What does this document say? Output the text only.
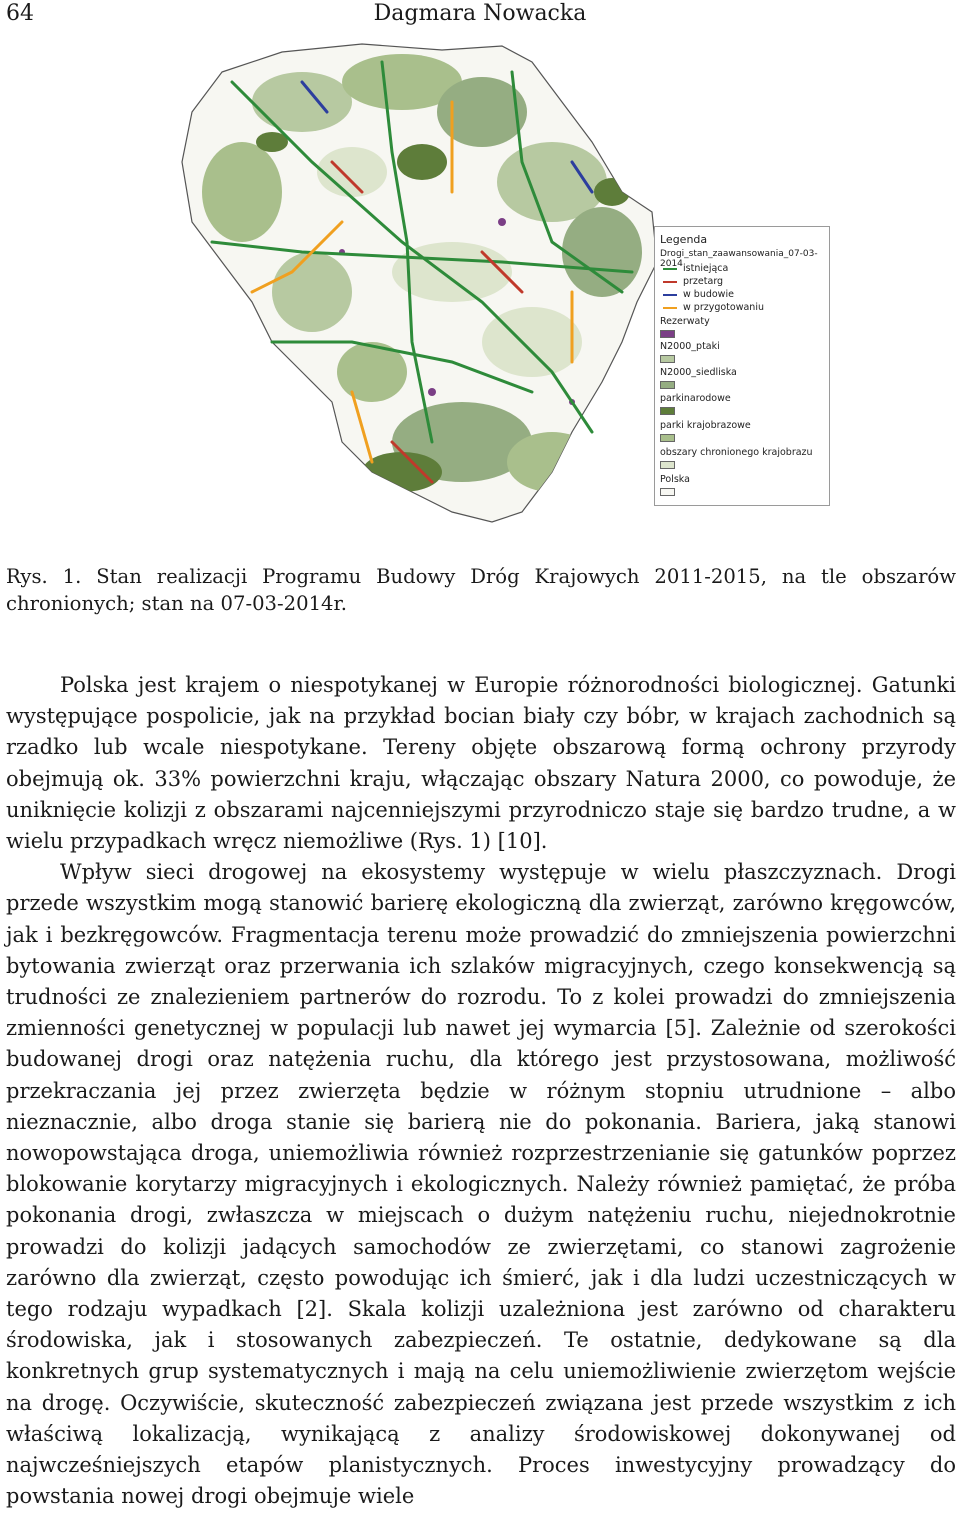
64	Dagmara Nowacka
Legenda
Drogi_stan_zaawansowania_07-03-2014 istniejąca
przetarg
w budowie
w przygotowaniu
Rezerwaty
N2000_ptaki
N2000_siedliska
parkinarodowe
parki krajobrazowe
obszary chronionego krajobrazu
Polska
Rys. 1. Stan realizacji Programu Budowy Dróg Krajowych 2011-2015, na tle obszarów chronionych; stan na 07-03-2014r.

Polska jest krajem o niespotykanej w Europie różnorodności biologicznej. Gatunki występujące pospolicie, jak na przykład bocian biały czy bóbr, w krajach zachodnich są rzadko lub wcale niespotykane. Tereny objęte obszarową formą ochrony przyrody obejmują ok. 33% powierzchni kraju, włączając obszary Natura 2000, co powoduje, że uniknięcie kolizji z obszarami najcenniejszymi przyrodniczo staje się bardzo trudne, a w wielu przypadkach wręcz niemożliwe (Rys. 1) [10].

Wpływ sieci drogowej na ekosystemy występuje w wielu płaszczyznach. Drogi przede wszystkim mogą stanowić barierę ekologiczną dla zwierząt, zarówno kręgowców, jak i bezkręgowców. Fragmentacja terenu może prowadzić do zmniejszenia powierzchni bytowania zwierząt oraz przerwania ich szlaków migracyjnych, czego konsekwencją są trudności ze znalezieniem partnerów do rozrodu. To z kolei prowadzi do zmniejszenia zmienności genetycznej w populacji lub nawet jej wymarcia [5]. Zależnie od szerokości budowanej drogi oraz natężenia ruchu, dla którego jest przystosowana, możliwość przekraczania jej przez zwierzęta będzie w różnym stopniu utrudnione – albo nieznacznie, albo droga stanie się barierą nie do pokonania. Bariera, jaką stanowi nowopowstająca droga, uniemożliwia również rozprzestrzenianie się gatunków poprzez blokowanie korytarzy migracyjnych i ekologicznych. Należy również pamiętać, że próba pokonania drogi, zwłaszcza w miejscach o dużym natężeniu ruchu, niejednokrotnie prowadzi do kolizji jadących samochodów ze zwierzętami, co stanowi zagrożenie zarówno dla zwierząt, często powodując ich śmierć, jak i dla ludzi uczestniczących w tego rodzaju wypadkach [2]. Skala kolizji uzależniona jest zarówno od charakteru środowiska, jak i stosowanych zabezpieczeń. Te ostatnie, dedykowane są dla konkretnych grup systematycznych i mają na celu uniemożliwienie zwierzętom wejście na drogę. Oczywiście, skuteczność zabezpieczeń związana jest przede wszystkim z ich właściwą lokalizacją, wynikającą z analizy środowiskowej dokonywanej od najwcześniejszych etapów planistycznych. Proces inwestycyjny prowadzący do powstania nowej drogi obejmuje wiele
